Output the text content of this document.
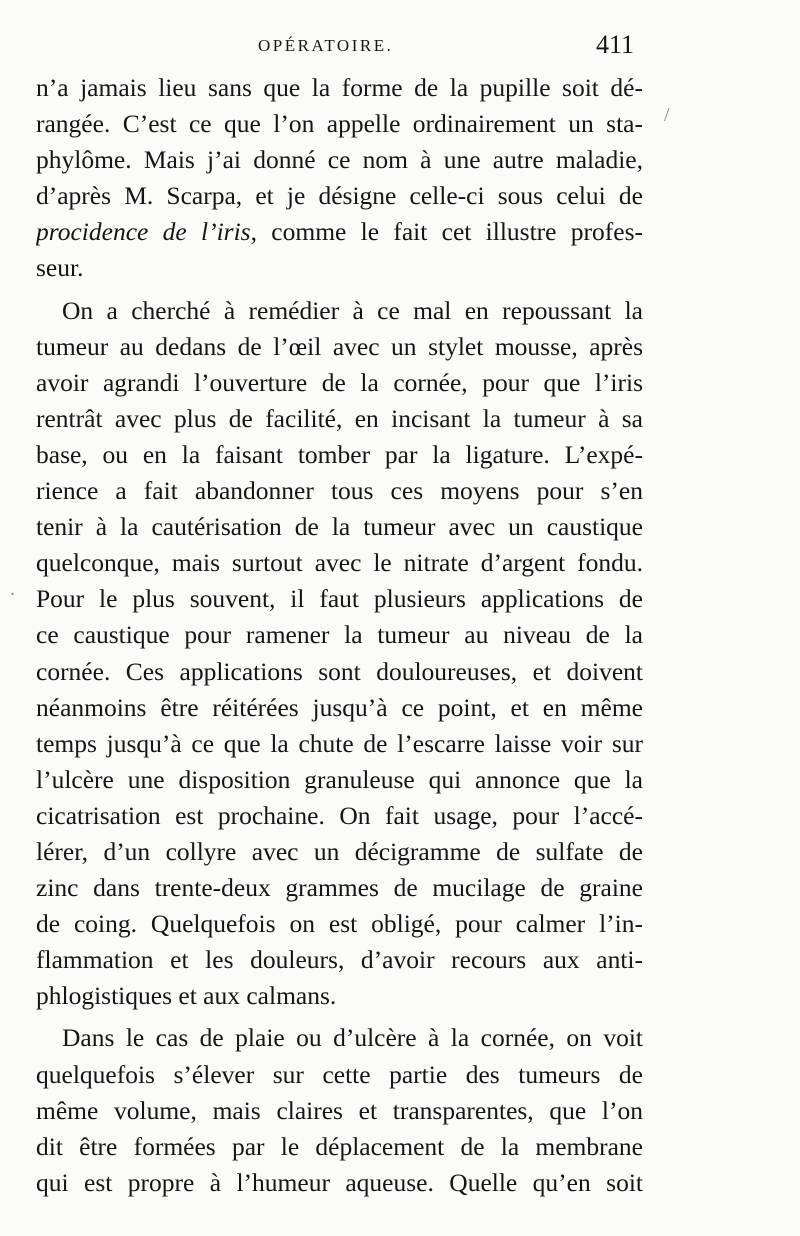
OPÉRATOIRE.	411
/
.
n’a jamais lieu sans que la forme de la pupille soit dé-
rangée. C’est ce que l’on appelle ordinairement un sta-
phylôme. Mais j’ai donné ce nom à une autre maladie,
d’après M. Scarpa, et je désigne celle-ci sous celui de
procidence de l’iris, comme le fait cet illustre profes-
seur.
On a cherché à remédier à ce mal en repoussant la
tumeur au dedans de l’œil avec un stylet mousse, après
avoir agrandi l’ouverture de la cornée, pour que l’iris
rentrât avec plus de facilité, en incisant la tumeur à sa
base, ou en la faisant tomber par la ligature. L’expé-
rience a fait abandonner tous ces moyens pour s’en
tenir à la cautérisation de la tumeur avec un caustique
quelconque, mais surtout avec le nitrate d’argent fondu.
Pour le plus souvent, il faut plusieurs applications de
ce caustique pour ramener la tumeur au niveau de la
cornée. Ces applications sont douloureuses, et doivent
néanmoins être réitérées jusqu’à ce point, et en même
temps jusqu’à ce que la chute de l’escarre laisse voir sur
l’ulcère une disposition granuleuse qui annonce que la
cicatrisation est prochaine. On fait usage, pour l’accé-
lérer, d’un collyre avec un décigramme de sulfate de
zinc dans trente-deux grammes de mucilage de graine
de coing. Quelquefois on est obligé, pour calmer l’in-
flammation et les douleurs, d’avoir recours aux anti-
phlogistiques et aux calmans.
Dans le cas de plaie ou d’ulcère à la cornée, on voit
quelquefois s’élever sur cette partie des tumeurs de
même volume, mais claires et transparentes, que l’on
dit être formées par le déplacement de la membrane
qui est propre à l’humeur aqueuse. Quelle qu’en soit
